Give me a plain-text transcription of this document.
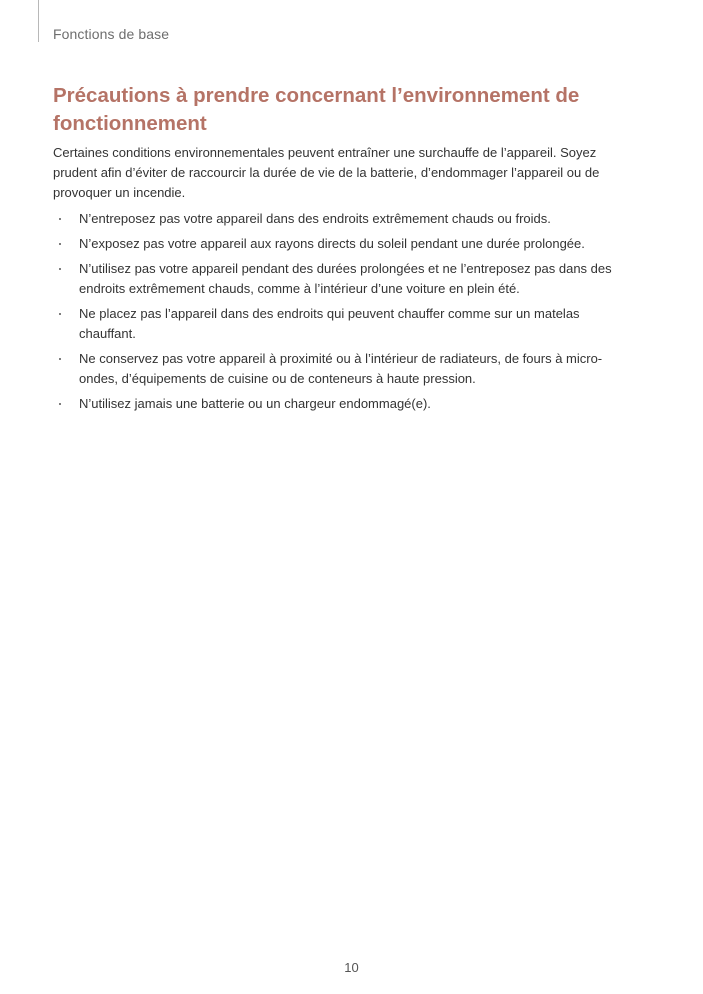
Fonctions de base
Précautions à prendre concernant l’environnement de fonctionnement

Certaines conditions environnementales peuvent entraîner une surchauffe de l’appareil. Soyez prudent afin d’éviter de raccourcir la durée de vie de la batterie, d’endommager l’appareil ou de provoquer un incendie.

N’entreposez pas votre appareil dans des endroits extrêmement chauds ou froids.
N’exposez pas votre appareil aux rayons directs du soleil pendant une durée prolongée.
N’utilisez pas votre appareil pendant des durées prolongées et ne l’entreposez pas dans des endroits extrêmement chauds, comme à l’intérieur d’une voiture en plein été.
Ne placez pas l’appareil dans des endroits qui peuvent chauffer comme sur un matelas chauffant.
Ne conservez pas votre appareil à proximité ou à l’intérieur de radiateurs, de fours à micro-ondes, d’équipements de cuisine ou de conteneurs à haute pression.
N’utilisez jamais une batterie ou un chargeur endommagé(e).
10
